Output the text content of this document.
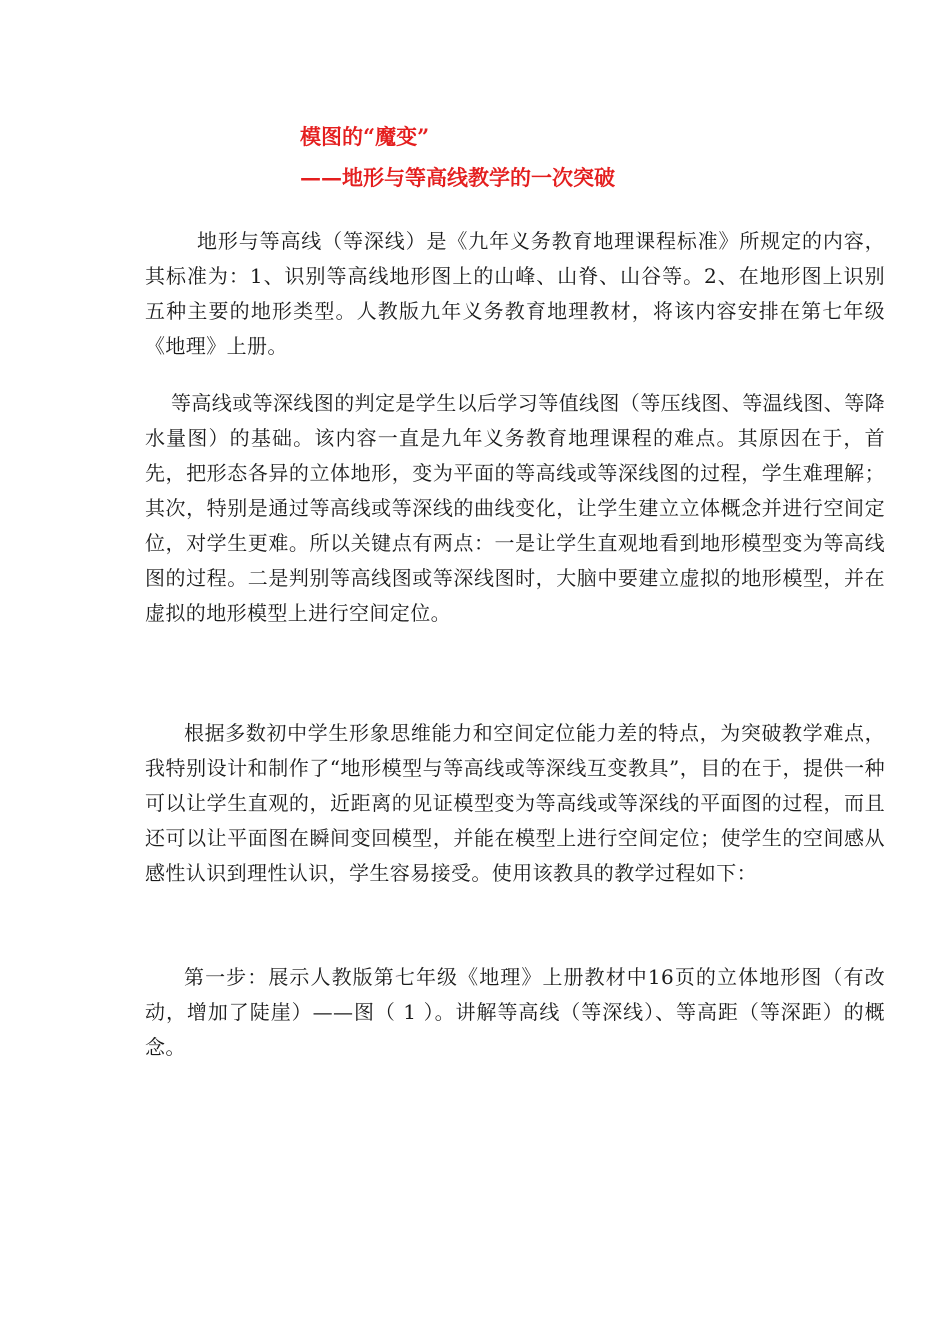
模图的“魔变”
——地形与等高线教学的一次突破

地形与等高线（等深线）是《九年义务教育地理课程标准》所规定的内容，其标准为：1、识别等高线地形图上的山峰、山脊、山谷等。2、在地形图上识别五种主要的地形类型。人教版九年义务教育地理教材，将该内容安排在第七年级《地理》上册。

等高线或等深线图的判定是学生以后学习等值线图（等压线图、等温线图、等降水量图）的基础。该内容一直是九年义务教育地理课程的难点。其原因在于，首先，把形态各异的立体地形，变为平面的等高线或等深线图的过程，学生难理解；其次，特别是通过等高线或等深线的曲线变化，让学生建立立体概念并进行空间定位，对学生更难。所以关键点有两点：一是让学生直观地看到地形模型变为等高线图的过程。二是判别等高线图或等深线图时，大脑中要建立虚拟的地形模型，并在虚拟的地形模型上进行空间定位。

根据多数初中学生形象思维能力和空间定位能力差的特点，为突破教学难点，我特别设计和制作了“地形模型与等高线或等深线互变教具”，目的在于，提供一种可以让学生直观的，近距离的见证模型变为等高线或等深线的平面图的过程，而且还可以让平面图在瞬间变回模型，并能在模型上进行空间定位；使学生的空间感从感性认识到理性认识，学生容易接受。使用该教具的教学过程如下：

第一步：展示人教版第七年级《地理》上册教材中16页的立体地形图（有改动，增加了陡崖）——图（ 1 ）。讲解等高线（等深线）、等高距（等深距）的概念。
